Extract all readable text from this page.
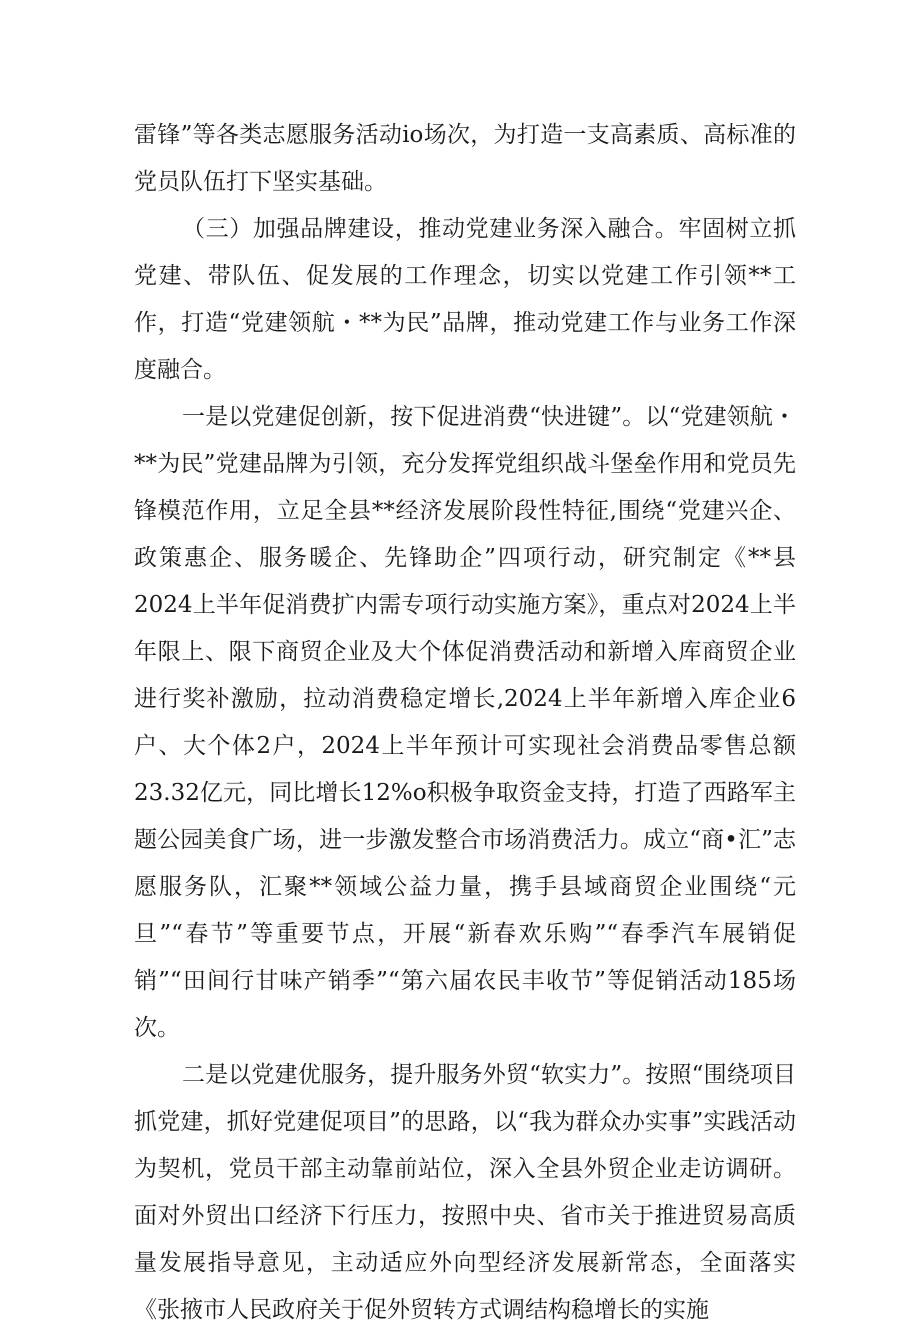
雷锋”等各类志愿服务活动io场次，为打造一支高素质、高标准的党员队伍打下坚实基础。

（三）加强品牌建设，推动党建业务深入融合。牢固树立抓党建、带队伍、促发展的工作理念，切实以党建工作引领**工作，打造“党建领航・**为民”品牌，推动党建工作与业务工作深度融合。

一是以党建促创新，按下促进消费“快进键”。以“党建领航・**为民”党建品牌为引领，充分发挥党组织战斗堡垒作用和党员先锋模范作用，立足全县**经济发展阶段性特征,围绕“党建兴企、政策惠企、服务暖企、先锋助企”四项行动，研究制定《**县2024上半年促消费扩内需专项行动实施方案》，重点对2024上半年限上、限下商贸企业及大个体促消费活动和新增入库商贸企业进行奖补激励，拉动消费稳定增长,2024上半年新增入库企业6户、大个体2户，2024上半年预计可实现社会消费品零售总额23.32亿元，同比增长12%o积极争取资金支持，打造了西路军主题公园美食广场，进一步激发整合市场消费活力。成立“商•汇”志愿服务队，汇聚**领域公益力量，携手县域商贸企业围绕“元旦”“春节”等重要节点，开展“新春欢乐购”“春季汽车展销促销”“田间行甘味产销季”“第六届农民丰收节”等促销活动185场次。

二是以党建优服务，提升服务外贸“软实力”。按照“围绕项目抓党建，抓好党建促项目”的思路，以“我为群众办实事”实践活动为契机，党员干部主动靠前站位，深入全县外贸企业走访调研。面对外贸出口经济下行压力，按照中央、省市关于推进贸易高质量发展指导意见，主动适应外向型经济发展新常态，全面落实《张掖市人民政府关于促外贸转方式调结构稳增长的实施
